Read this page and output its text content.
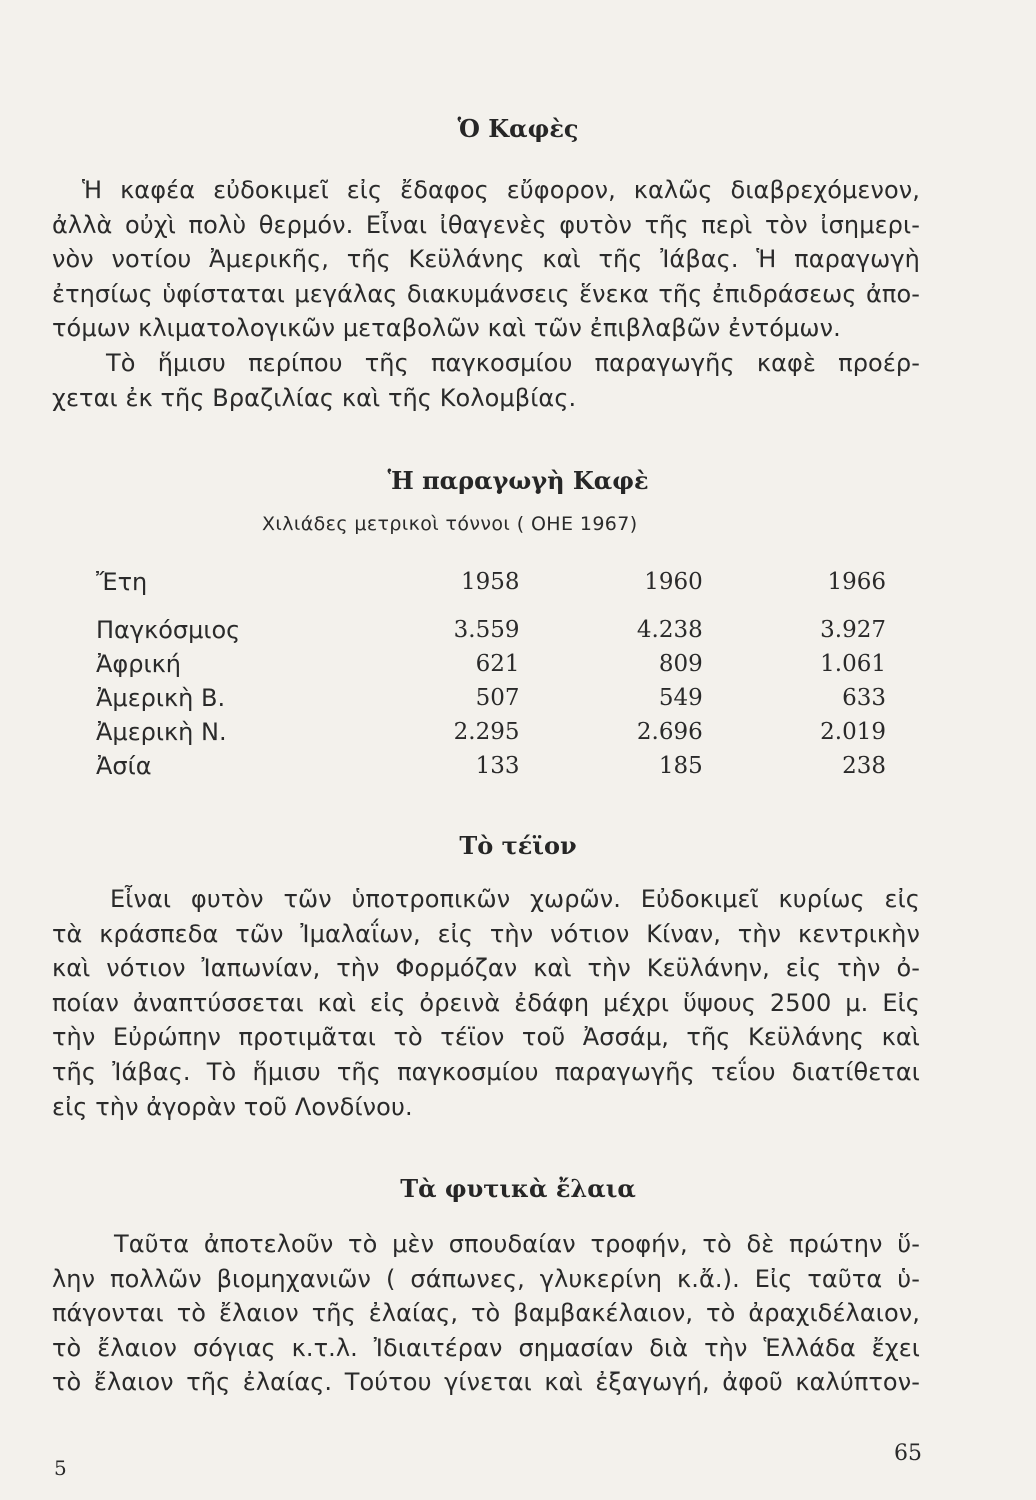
Ὁ Καφὲς
Ἡ καφέα εὐδοκιμεῖ εἰς ἔδαφος εὔφορον, καλῶς διαβρεχόμενον,
ἀλλὰ οὐχὶ πολὺ θερμόν. Εἶναι ἰθαγενὲς φυτὸν τῆς περὶ τὸν ἰσημερι-
νὸν νοτίου Ἀμερικῆς, τῆς Κεϋλάνης καὶ τῆς Ἰάβας. Ἡ παραγωγὴ
ἐτησίως ὑφίσταται μεγάλας διακυμάνσεις ἕνεκα τῆς ἐπιδράσεως ἀπο-
τόμων κλιματολογικῶν μεταβολῶν καὶ τῶν ἐπιβλαβῶν ἐντόμων.
Τὸ ἥμισυ περίπου τῆς παγκοσμίου παραγωγῆς καφὲ προέρ-
χεται ἐκ τῆς Βραζιλίας καὶ τῆς Κολομβίας.
Ἡ παραγωγὴ Καφὲ
Χιλιάδες μετρικοὶ τόννοι ( ΟΗΕ 1967)
Ἔτη	1958	1960	1966

Παγκόσμιος	3.559	4.238	3.927
Ἀφρική	621	809	1.061
Ἀμερικὴ Β.	507	549	633
Ἀμερικὴ Ν.	2.295	2.696	2.019
Ἀσία	133	185	238
Τὸ τέϊον
Εἶναι φυτὸν τῶν ὑποτροπικῶν χωρῶν. Εὐδοκιμεῖ κυρίως εἰς
τὰ κράσπεδα τῶν Ἰμαλαΐων, εἰς τὴν νότιον Κίναν, τὴν κεντρικὴν
καὶ νότιον Ἰαπωνίαν, τὴν Φορμόζαν καὶ τὴν Κεϋλάνην, εἰς τὴν ὀ-
ποίαν ἀναπτύσσεται καὶ εἰς ὀρεινὰ ἐδάφη μέχρι ὕψους 2500 μ. Εἰς
τὴν Εὐρώπην προτιμᾶται τὸ τέϊον τοῦ Ἀσσάμ, τῆς Κεϋλάνης καὶ
τῆς Ἰάβας. Τὸ ἥμισυ τῆς παγκοσμίου παραγωγῆς τεΐου διατίθεται
εἰς τὴν ἀγορὰν τοῦ Λονδίνου.
Τὰ φυτικὰ ἔλαια
Ταῦτα ἀποτελοῦν τὸ μὲν σπουδαίαν τροφήν, τὸ δὲ πρώτην ὕ-
λην πολλῶν βιομηχανιῶν ( σάπωνες, γλυκερίνη κ.ἄ.). Εἰς ταῦτα ὑ-
πάγονται τὸ ἔλαιον τῆς ἐλαίας, τὸ βαμβακέλαιον, τὸ ἀραχιδέλαιον,
τὸ ἔλαιον σόγιας κ.τ.λ. Ἰδιαιτέραν σημασίαν διὰ τὴν Ἑλλάδα ἔχει
τὸ ἔλαιον τῆς ἐλαίας. Τούτου γίνεται καὶ ἐξαγωγή, ἀφοῦ καλύπτον-
5
65
